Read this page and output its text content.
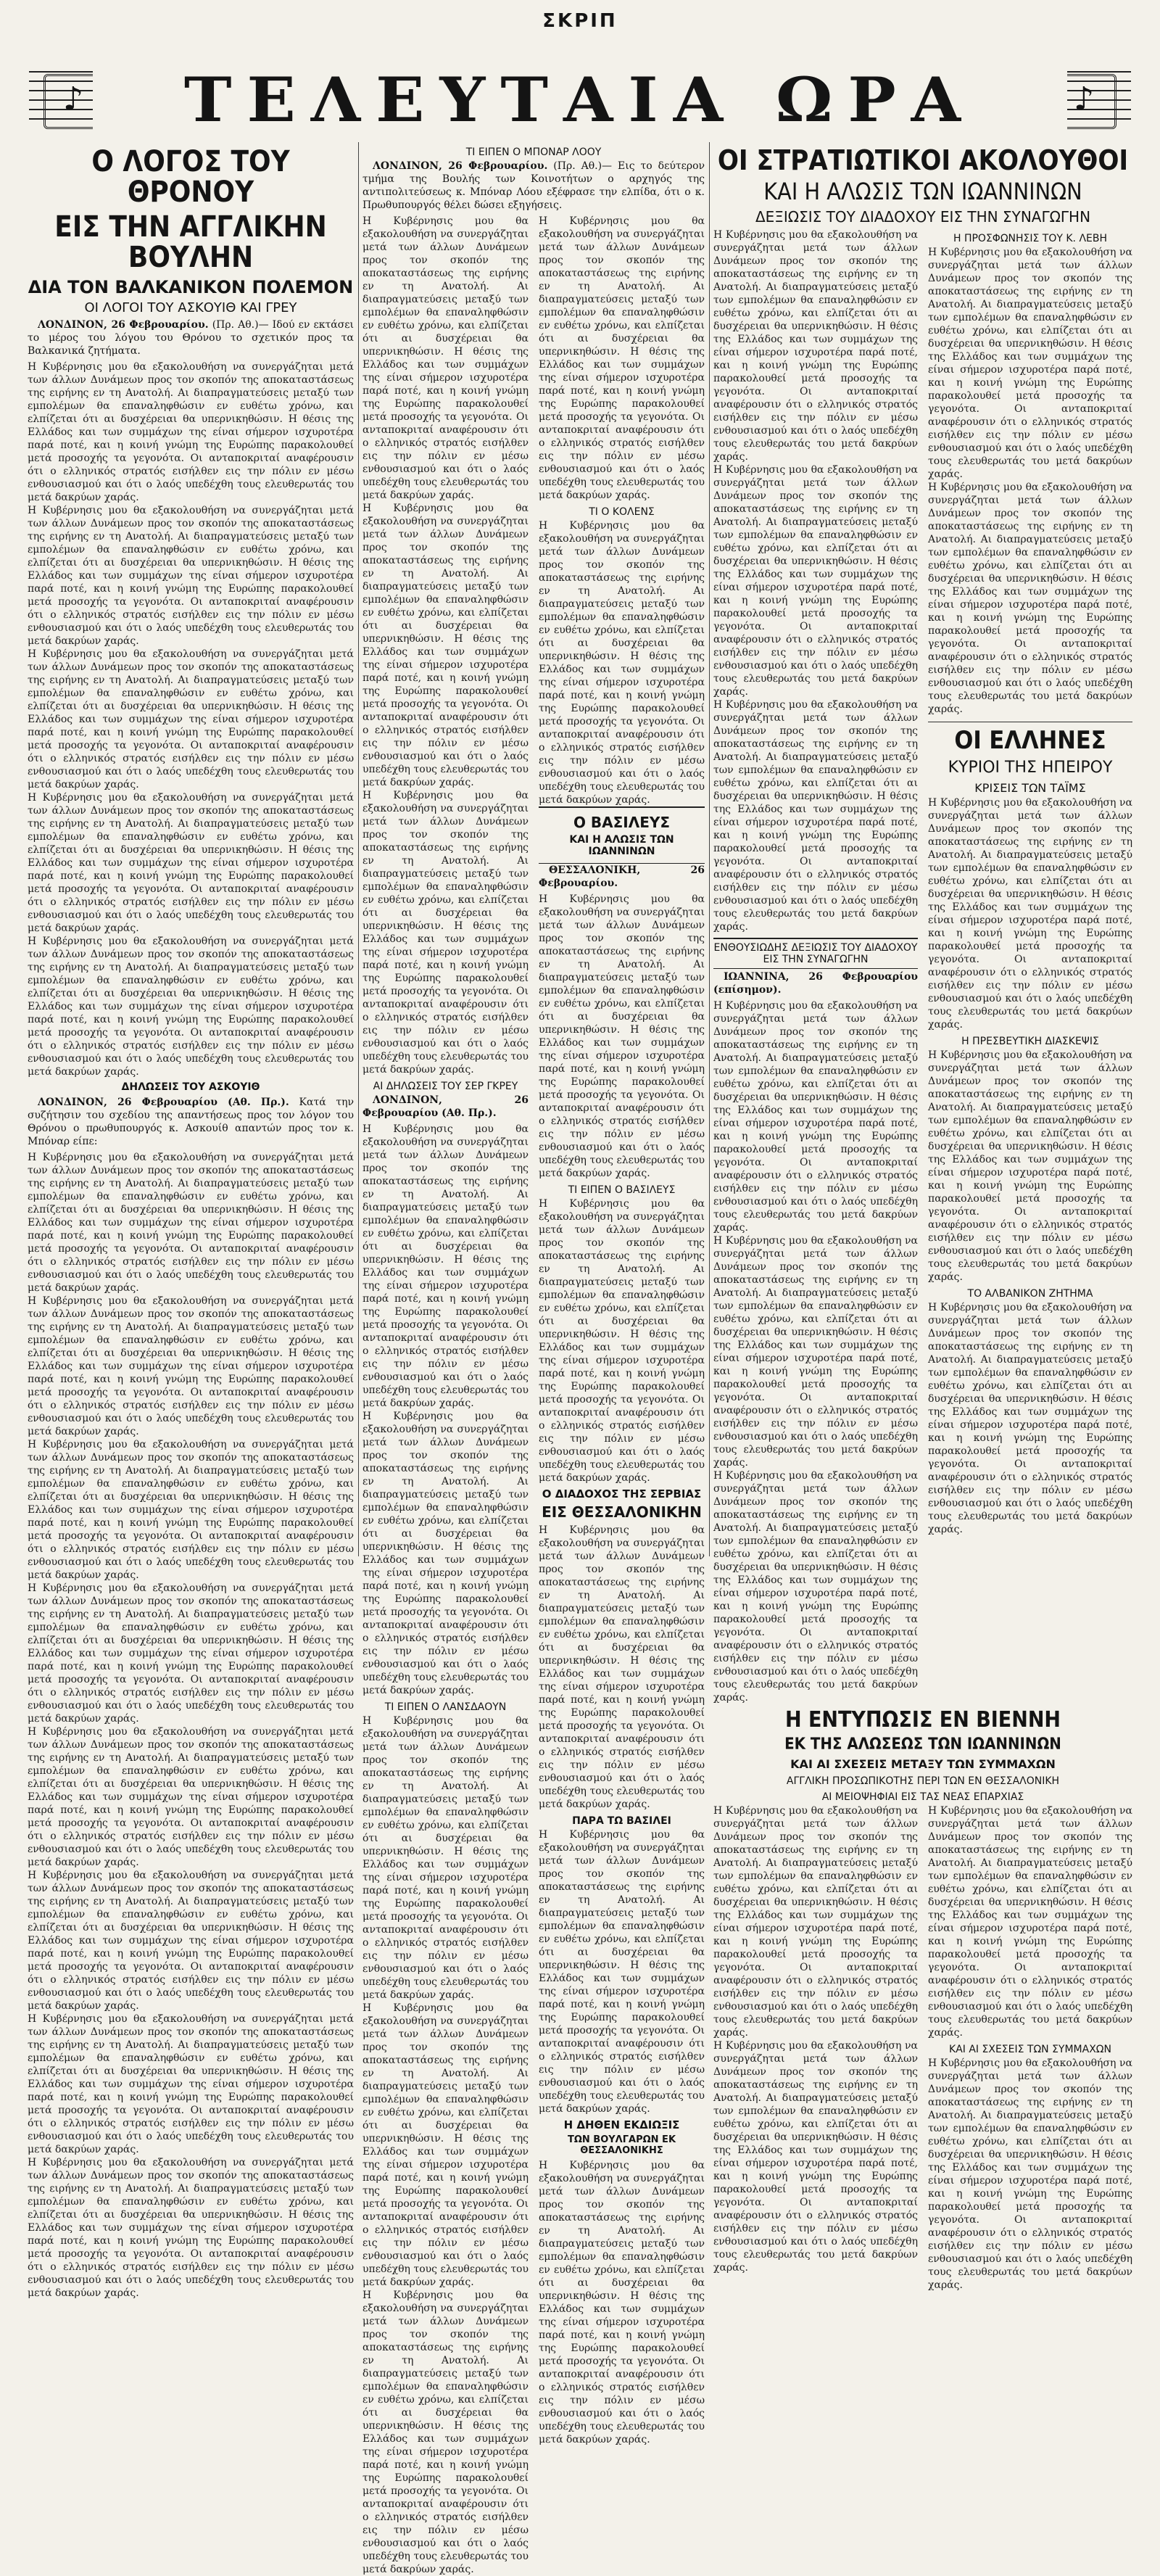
ΣΚΡΙΠ
♪
♪
ΤΕΛΕΥΤΑΙΑ ΩΡΑ
Ο ΛΟΓΟΣ ΤΟΥ ΘΡΟΝΟΥ
ΕΙΣ ΤΗΝ ΑΓΓΛΙΚΗΝ ΒΟΥΛΗΝ
ΔΙΑ ΤΟΝ ΒΑΛΚΑΝΙΚΟΝ ΠΟΛΕΜΟΝ
ΟΙ ΛΟΓΟΙ ΤΟΥ ΑΣΚΟΥΙΘ ΚΑΙ ΓΡΕΥ

ΛΟΝΔΙΝΟΝ, 26 Φεβρουαρίου. (Πρ. Αθ.)— Ιδού εν εκτάσει το μέρος του λόγου του Θρόνου το σχετικόν προς τα Βαλκανικά ζητήματα.

Η Κυβέρνησις μου θα εξακολουθήση να συνεργάζηται μετά των άλλων Δυνάμεων προς τον σκοπόν της αποκαταστάσεως της ειρήνης εν τη Ανατολή. Αι διαπραγματεύσεις μεταξύ των εμπολέμων θα επαναληφθώσιν εν ευθέτω χρόνω, και ελπίζεται ότι αι δυσχέρειαι θα υπερνικηθώσιν. Η θέσις της Ελλάδος και των συμμάχων της είναι σήμερον ισχυροτέρα παρά ποτέ, και η κοινή γνώμη της Ευρώπης παρακολουθεί μετά προσοχής τα γεγονότα. Οι ανταποκριταί αναφέρουσιν ότι ο ελληνικός στρατός εισήλθεν εις την πόλιν εν μέσω ενθουσιασμού και ότι ο λαός υπεδέχθη τους ελευθερωτάς του μετά δακρύων χαράς.

Η Κυβέρνησις μου θα εξακολουθήση να συνεργάζηται μετά των άλλων Δυνάμεων προς τον σκοπόν της αποκαταστάσεως της ειρήνης εν τη Ανατολή. Αι διαπραγματεύσεις μεταξύ των εμπολέμων θα επαναληφθώσιν εν ευθέτω χρόνω, και ελπίζεται ότι αι δυσχέρειαι θα υπερνικηθώσιν. Η θέσις της Ελλάδος και των συμμάχων της είναι σήμερον ισχυροτέρα παρά ποτέ, και η κοινή γνώμη της Ευρώπης παρακολουθεί μετά προσοχής τα γεγονότα. Οι ανταποκριταί αναφέρουσιν ότι ο ελληνικός στρατός εισήλθεν εις την πόλιν εν μέσω ενθουσιασμού και ότι ο λαός υπεδέχθη τους ελευθερωτάς του μετά δακρύων χαράς.

Η Κυβέρνησις μου θα εξακολουθήση να συνεργάζηται μετά των άλλων Δυνάμεων προς τον σκοπόν της αποκαταστάσεως της ειρήνης εν τη Ανατολή. Αι διαπραγματεύσεις μεταξύ των εμπολέμων θα επαναληφθώσιν εν ευθέτω χρόνω, και ελπίζεται ότι αι δυσχέρειαι θα υπερνικηθώσιν. Η θέσις της Ελλάδος και των συμμάχων της είναι σήμερον ισχυροτέρα παρά ποτέ, και η κοινή γνώμη της Ευρώπης παρακολουθεί μετά προσοχής τα γεγονότα. Οι ανταποκριταί αναφέρουσιν ότι ο ελληνικός στρατός εισήλθεν εις την πόλιν εν μέσω ενθουσιασμού και ότι ο λαός υπεδέχθη τους ελευθερωτάς του μετά δακρύων χαράς.

Η Κυβέρνησις μου θα εξακολουθήση να συνεργάζηται μετά των άλλων Δυνάμεων προς τον σκοπόν της αποκαταστάσεως της ειρήνης εν τη Ανατολή. Αι διαπραγματεύσεις μεταξύ των εμπολέμων θα επαναληφθώσιν εν ευθέτω χρόνω, και ελπίζεται ότι αι δυσχέρειαι θα υπερνικηθώσιν. Η θέσις της Ελλάδος και των συμμάχων της είναι σήμερον ισχυροτέρα παρά ποτέ, και η κοινή γνώμη της Ευρώπης παρακολουθεί μετά προσοχής τα γεγονότα. Οι ανταποκριταί αναφέρουσιν ότι ο ελληνικός στρατός εισήλθεν εις την πόλιν εν μέσω ενθουσιασμού και ότι ο λαός υπεδέχθη τους ελευθερωτάς του μετά δακρύων χαράς.

Η Κυβέρνησις μου θα εξακολουθήση να συνεργάζηται μετά των άλλων Δυνάμεων προς τον σκοπόν της αποκαταστάσεως της ειρήνης εν τη Ανατολή. Αι διαπραγματεύσεις μεταξύ των εμπολέμων θα επαναληφθώσιν εν ευθέτω χρόνω, και ελπίζεται ότι αι δυσχέρειαι θα υπερνικηθώσιν. Η θέσις της Ελλάδος και των συμμάχων της είναι σήμερον ισχυροτέρα παρά ποτέ, και η κοινή γνώμη της Ευρώπης παρακολουθεί μετά προσοχής τα γεγονότα. Οι ανταποκριταί αναφέρουσιν ότι ο ελληνικός στρατός εισήλθεν εις την πόλιν εν μέσω ενθουσιασμού και ότι ο λαός υπεδέχθη τους ελευθερωτάς του μετά δακρύων χαράς.

ΔΗΛΩΣΕΙΣ ΤΟΥ ΑΣΚΟΥΙΘ

ΛΟΝΔΙΝΟΝ, 26 Φεβρουαρίου (Αθ. Πρ.). Κατά την συζήτησιν του σχεδίου της απαντήσεως προς τον λόγον του Θρόνου ο πρωθυπουργός κ. Ασκουίθ απαντών προς τον κ. Μπόναρ είπε:

Η Κυβέρνησις μου θα εξακολουθήση να συνεργάζηται μετά των άλλων Δυνάμεων προς τον σκοπόν της αποκαταστάσεως της ειρήνης εν τη Ανατολή. Αι διαπραγματεύσεις μεταξύ των εμπολέμων θα επαναληφθώσιν εν ευθέτω χρόνω, και ελπίζεται ότι αι δυσχέρειαι θα υπερνικηθώσιν. Η θέσις της Ελλάδος και των συμμάχων της είναι σήμερον ισχυροτέρα παρά ποτέ, και η κοινή γνώμη της Ευρώπης παρακολουθεί μετά προσοχής τα γεγονότα. Οι ανταποκριταί αναφέρουσιν ότι ο ελληνικός στρατός εισήλθεν εις την πόλιν εν μέσω ενθουσιασμού και ότι ο λαός υπεδέχθη τους ελευθερωτάς του μετά δακρύων χαράς.

Η Κυβέρνησις μου θα εξακολουθήση να συνεργάζηται μετά των άλλων Δυνάμεων προς τον σκοπόν της αποκαταστάσεως της ειρήνης εν τη Ανατολή. Αι διαπραγματεύσεις μεταξύ των εμπολέμων θα επαναληφθώσιν εν ευθέτω χρόνω, και ελπίζεται ότι αι δυσχέρειαι θα υπερνικηθώσιν. Η θέσις της Ελλάδος και των συμμάχων της είναι σήμερον ισχυροτέρα παρά ποτέ, και η κοινή γνώμη της Ευρώπης παρακολουθεί μετά προσοχής τα γεγονότα. Οι ανταποκριταί αναφέρουσιν ότι ο ελληνικός στρατός εισήλθεν εις την πόλιν εν μέσω ενθουσιασμού και ότι ο λαός υπεδέχθη τους ελευθερωτάς του μετά δακρύων χαράς.

Η Κυβέρνησις μου θα εξακολουθήση να συνεργάζηται μετά των άλλων Δυνάμεων προς τον σκοπόν της αποκαταστάσεως της ειρήνης εν τη Ανατολή. Αι διαπραγματεύσεις μεταξύ των εμπολέμων θα επαναληφθώσιν εν ευθέτω χρόνω, και ελπίζεται ότι αι δυσχέρειαι θα υπερνικηθώσιν. Η θέσις της Ελλάδος και των συμμάχων της είναι σήμερον ισχυροτέρα παρά ποτέ, και η κοινή γνώμη της Ευρώπης παρακολουθεί μετά προσοχής τα γεγονότα. Οι ανταποκριταί αναφέρουσιν ότι ο ελληνικός στρατός εισήλθεν εις την πόλιν εν μέσω ενθουσιασμού και ότι ο λαός υπεδέχθη τους ελευθερωτάς του μετά δακρύων χαράς.

Η Κυβέρνησις μου θα εξακολουθήση να συνεργάζηται μετά των άλλων Δυνάμεων προς τον σκοπόν της αποκαταστάσεως της ειρήνης εν τη Ανατολή. Αι διαπραγματεύσεις μεταξύ των εμπολέμων θα επαναληφθώσιν εν ευθέτω χρόνω, και ελπίζεται ότι αι δυσχέρειαι θα υπερνικηθώσιν. Η θέσις της Ελλάδος και των συμμάχων της είναι σήμερον ισχυροτέρα παρά ποτέ, και η κοινή γνώμη της Ευρώπης παρακολουθεί μετά προσοχής τα γεγονότα. Οι ανταποκριταί αναφέρουσιν ότι ο ελληνικός στρατός εισήλθεν εις την πόλιν εν μέσω ενθουσιασμού και ότι ο λαός υπεδέχθη τους ελευθερωτάς του μετά δακρύων χαράς.

Η Κυβέρνησις μου θα εξακολουθήση να συνεργάζηται μετά των άλλων Δυνάμεων προς τον σκοπόν της αποκαταστάσεως της ειρήνης εν τη Ανατολή. Αι διαπραγματεύσεις μεταξύ των εμπολέμων θα επαναληφθώσιν εν ευθέτω χρόνω, και ελπίζεται ότι αι δυσχέρειαι θα υπερνικηθώσιν. Η θέσις της Ελλάδος και των συμμάχων της είναι σήμερον ισχυροτέρα παρά ποτέ, και η κοινή γνώμη της Ευρώπης παρακολουθεί μετά προσοχής τα γεγονότα. Οι ανταποκριταί αναφέρουσιν ότι ο ελληνικός στρατός εισήλθεν εις την πόλιν εν μέσω ενθουσιασμού και ότι ο λαός υπεδέχθη τους ελευθερωτάς του μετά δακρύων χαράς.

Η Κυβέρνησις μου θα εξακολουθήση να συνεργάζηται μετά των άλλων Δυνάμεων προς τον σκοπόν της αποκαταστάσεως της ειρήνης εν τη Ανατολή. Αι διαπραγματεύσεις μεταξύ των εμπολέμων θα επαναληφθώσιν εν ευθέτω χρόνω, και ελπίζεται ότι αι δυσχέρειαι θα υπερνικηθώσιν. Η θέσις της Ελλάδος και των συμμάχων της είναι σήμερον ισχυροτέρα παρά ποτέ, και η κοινή γνώμη της Ευρώπης παρακολουθεί μετά προσοχής τα γεγονότα. Οι ανταποκριταί αναφέρουσιν ότι ο ελληνικός στρατός εισήλθεν εις την πόλιν εν μέσω ενθουσιασμού και ότι ο λαός υπεδέχθη τους ελευθερωτάς του μετά δακρύων χαράς.

Η Κυβέρνησις μου θα εξακολουθήση να συνεργάζηται μετά των άλλων Δυνάμεων προς τον σκοπόν της αποκαταστάσεως της ειρήνης εν τη Ανατολή. Αι διαπραγματεύσεις μεταξύ των εμπολέμων θα επαναληφθώσιν εν ευθέτω χρόνω, και ελπίζεται ότι αι δυσχέρειαι θα υπερνικηθώσιν. Η θέσις της Ελλάδος και των συμμάχων της είναι σήμερον ισχυροτέρα παρά ποτέ, και η κοινή γνώμη της Ευρώπης παρακολουθεί μετά προσοχής τα γεγονότα. Οι ανταποκριταί αναφέρουσιν ότι ο ελληνικός στρατός εισήλθεν εις την πόλιν εν μέσω ενθουσιασμού και ότι ο λαός υπεδέχθη τους ελευθερωτάς του μετά δακρύων χαράς.

Η Κυβέρνησις μου θα εξακολουθήση να συνεργάζηται μετά των άλλων Δυνάμεων προς τον σκοπόν της αποκαταστάσεως της ειρήνης εν τη Ανατολή. Αι διαπραγματεύσεις μεταξύ των εμπολέμων θα επαναληφθώσιν εν ευθέτω χρόνω, και ελπίζεται ότι αι δυσχέρειαι θα υπερνικηθώσιν. Η θέσις της Ελλάδος και των συμμάχων της είναι σήμερον ισχυροτέρα παρά ποτέ, και η κοινή γνώμη της Ευρώπης παρακολουθεί μετά προσοχής τα γεγονότα. Οι ανταποκριταί αναφέρουσιν ότι ο ελληνικός στρατός εισήλθεν εις την πόλιν εν μέσω ενθουσιασμού και ότι ο λαός υπεδέχθη τους ελευθερωτάς του μετά δακρύων χαράς.

ΤΙ ΕΙΠΕΝ Ο ΜΠΟΝΑΡ ΛΟΟΥ

ΛΟΝΔΙΝΟΝ, 26 Φεβρουαρίου. (Πρ. Αθ.)— Εις το δεύτερον τμήμα της Βουλής των Κοινοτήτων ο αρχηγός της αντιπολιτεύσεως κ. Μπόναρ Λόου εξέφρασε την ελπίδα, ότι ο κ. Πρωθυπουργός θέλει δώσει εξηγήσεις.

Η Κυβέρνησις μου θα εξακολουθήση να συνεργάζηται μετά των άλλων Δυνάμεων προς τον σκοπόν της αποκαταστάσεως της ειρήνης εν τη Ανατολή. Αι διαπραγματεύσεις μεταξύ των εμπολέμων θα επαναληφθώσιν εν ευθέτω χρόνω, και ελπίζεται ότι αι δυσχέρειαι θα υπερνικηθώσιν. Η θέσις της Ελλάδος και των συμμάχων της είναι σήμερον ισχυροτέρα παρά ποτέ, και η κοινή γνώμη της Ευρώπης παρακολουθεί μετά προσοχής τα γεγονότα. Οι ανταποκριταί αναφέρουσιν ότι ο ελληνικός στρατός εισήλθεν εις την πόλιν εν μέσω ενθουσιασμού και ότι ο λαός υπεδέχθη τους ελευθερωτάς του μετά δακρύων χαράς.

Η Κυβέρνησις μου θα εξακολουθήση να συνεργάζηται μετά των άλλων Δυνάμεων προς τον σκοπόν της αποκαταστάσεως της ειρήνης εν τη Ανατολή. Αι διαπραγματεύσεις μεταξύ των εμπολέμων θα επαναληφθώσιν εν ευθέτω χρόνω, και ελπίζεται ότι αι δυσχέρειαι θα υπερνικηθώσιν. Η θέσις της Ελλάδος και των συμμάχων της είναι σήμερον ισχυροτέρα παρά ποτέ, και η κοινή γνώμη της Ευρώπης παρακολουθεί μετά προσοχής τα γεγονότα. Οι ανταποκριταί αναφέρουσιν ότι ο ελληνικός στρατός εισήλθεν εις την πόλιν εν μέσω ενθουσιασμού και ότι ο λαός υπεδέχθη τους ελευθερωτάς του μετά δακρύων χαράς.

Η Κυβέρνησις μου θα εξακολουθήση να συνεργάζηται μετά των άλλων Δυνάμεων προς τον σκοπόν της αποκαταστάσεως της ειρήνης εν τη Ανατολή. Αι διαπραγματεύσεις μεταξύ των εμπολέμων θα επαναληφθώσιν εν ευθέτω χρόνω, και ελπίζεται ότι αι δυσχέρειαι θα υπερνικηθώσιν. Η θέσις της Ελλάδος και των συμμάχων της είναι σήμερον ισχυροτέρα παρά ποτέ, και η κοινή γνώμη της Ευρώπης παρακολουθεί μετά προσοχής τα γεγονότα. Οι ανταποκριταί αναφέρουσιν ότι ο ελληνικός στρατός εισήλθεν εις την πόλιν εν μέσω ενθουσιασμού και ότι ο λαός υπεδέχθη τους ελευθερωτάς του μετά δακρύων χαράς.

ΑΙ ΔΗΛΩΣΕΙΣ ΤΟΥ ΣΕΡ ΓΚΡΕΥ

ΛΟΝΔΙΝΟΝ, 26 Φεβρουαρίου (Αθ. Πρ.).

Η Κυβέρνησις μου θα εξακολουθήση να συνεργάζηται μετά των άλλων Δυνάμεων προς τον σκοπόν της αποκαταστάσεως της ειρήνης εν τη Ανατολή. Αι διαπραγματεύσεις μεταξύ των εμπολέμων θα επαναληφθώσιν εν ευθέτω χρόνω, και ελπίζεται ότι αι δυσχέρειαι θα υπερνικηθώσιν. Η θέσις της Ελλάδος και των συμμάχων της είναι σήμερον ισχυροτέρα παρά ποτέ, και η κοινή γνώμη της Ευρώπης παρακολουθεί μετά προσοχής τα γεγονότα. Οι ανταποκριταί αναφέρουσιν ότι ο ελληνικός στρατός εισήλθεν εις την πόλιν εν μέσω ενθουσιασμού και ότι ο λαός υπεδέχθη τους ελευθερωτάς του μετά δακρύων χαράς.

Η Κυβέρνησις μου θα εξακολουθήση να συνεργάζηται μετά των άλλων Δυνάμεων προς τον σκοπόν της αποκαταστάσεως της ειρήνης εν τη Ανατολή. Αι διαπραγματεύσεις μεταξύ των εμπολέμων θα επαναληφθώσιν εν ευθέτω χρόνω, και ελπίζεται ότι αι δυσχέρειαι θα υπερνικηθώσιν. Η θέσις της Ελλάδος και των συμμάχων της είναι σήμερον ισχυροτέρα παρά ποτέ, και η κοινή γνώμη της Ευρώπης παρακολουθεί μετά προσοχής τα γεγονότα. Οι ανταποκριταί αναφέρουσιν ότι ο ελληνικός στρατός εισήλθεν εις την πόλιν εν μέσω ενθουσιασμού και ότι ο λαός υπεδέχθη τους ελευθερωτάς του μετά δακρύων χαράς.

ΤΙ ΕΙΠΕΝ Ο ΛΑΝΣΔΑΟΥΝ

Η Κυβέρνησις μου θα εξακολουθήση να συνεργάζηται μετά των άλλων Δυνάμεων προς τον σκοπόν της αποκαταστάσεως της ειρήνης εν τη Ανατολή. Αι διαπραγματεύσεις μεταξύ των εμπολέμων θα επαναληφθώσιν εν ευθέτω χρόνω, και ελπίζεται ότι αι δυσχέρειαι θα υπερνικηθώσιν. Η θέσις της Ελλάδος και των συμμάχων της είναι σήμερον ισχυροτέρα παρά ποτέ, και η κοινή γνώμη της Ευρώπης παρακολουθεί μετά προσοχής τα γεγονότα. Οι ανταποκριταί αναφέρουσιν ότι ο ελληνικός στρατός εισήλθεν εις την πόλιν εν μέσω ενθουσιασμού και ότι ο λαός υπεδέχθη τους ελευθερωτάς του μετά δακρύων χαράς.

Η Κυβέρνησις μου θα εξακολουθήση να συνεργάζηται μετά των άλλων Δυνάμεων προς τον σκοπόν της αποκαταστάσεως της ειρήνης εν τη Ανατολή. Αι διαπραγματεύσεις μεταξύ των εμπολέμων θα επαναληφθώσιν εν ευθέτω χρόνω, και ελπίζεται ότι αι δυσχέρειαι θα υπερνικηθώσιν. Η θέσις της Ελλάδος και των συμμάχων της είναι σήμερον ισχυροτέρα παρά ποτέ, και η κοινή γνώμη της Ευρώπης παρακολουθεί μετά προσοχής τα γεγονότα. Οι ανταποκριταί αναφέρουσιν ότι ο ελληνικός στρατός εισήλθεν εις την πόλιν εν μέσω ενθουσιασμού και ότι ο λαός υπεδέχθη τους ελευθερωτάς του μετά δακρύων χαράς.

Η Κυβέρνησις μου θα εξακολουθήση να συνεργάζηται μετά των άλλων Δυνάμεων προς τον σκοπόν της αποκαταστάσεως της ειρήνης εν τη Ανατολή. Αι διαπραγματεύσεις μεταξύ των εμπολέμων θα επαναληφθώσιν εν ευθέτω χρόνω, και ελπίζεται ότι αι δυσχέρειαι θα υπερνικηθώσιν. Η θέσις της Ελλάδος και των συμμάχων της είναι σήμερον ισχυροτέρα παρά ποτέ, και η κοινή γνώμη της Ευρώπης παρακολουθεί μετά προσοχής τα γεγονότα. Οι ανταποκριταί αναφέρουσιν ότι ο ελληνικός στρατός εισήλθεν εις την πόλιν εν μέσω ενθουσιασμού και ότι ο λαός υπεδέχθη τους ελευθερωτάς του μετά δακρύων χαράς.

Η Κυβέρνησις μου θα εξακολουθήση να συνεργάζηται μετά των άλλων Δυνάμεων προς τον σκοπόν της αποκαταστάσεως της ειρήνης εν τη Ανατολή. Αι διαπραγματεύσεις μεταξύ των εμπολέμων θα επαναληφθώσιν εν ευθέτω χρόνω, και ελπίζεται ότι αι δυσχέρειαι θα υπερνικηθώσιν. Η θέσις της Ελλάδος και των συμμάχων της είναι σήμερον ισχυροτέρα παρά ποτέ, και η κοινή γνώμη της Ευρώπης παρακολουθεί μετά προσοχής τα γεγονότα. Οι ανταποκριταί αναφέρουσιν ότι ο ελληνικός στρατός εισήλθεν εις την πόλιν εν μέσω ενθουσιασμού και ότι ο λαός υπεδέχθη τους ελευθερωτάς του μετά δακρύων χαράς.

ΤΙ Ο ΚΟΛΕΝΣ

Η Κυβέρνησις μου θα εξακολουθήση να συνεργάζηται μετά των άλλων Δυνάμεων προς τον σκοπόν της αποκαταστάσεως της ειρήνης εν τη Ανατολή. Αι διαπραγματεύσεις μεταξύ των εμπολέμων θα επαναληφθώσιν εν ευθέτω χρόνω, και ελπίζεται ότι αι δυσχέρειαι θα υπερνικηθώσιν. Η θέσις της Ελλάδος και των συμμάχων της είναι σήμερον ισχυροτέρα παρά ποτέ, και η κοινή γνώμη της Ευρώπης παρακολουθεί μετά προσοχής τα γεγονότα. Οι ανταποκριταί αναφέρουσιν ότι ο ελληνικός στρατός εισήλθεν εις την πόλιν εν μέσω ενθουσιασμού και ότι ο λαός υπεδέχθη τους ελευθερωτάς του μετά δακρύων χαράς.

Ο ΒΑΣΙΛΕΥΣ
ΚΑΙ Η ΑΛΩΣΙΣ ΤΩΝ ΙΩΑΝΝΙΝΩΝ

ΘΕΣΣΑΛΟΝΙΚΗ, 26 Φεβρουαρίου.

Η Κυβέρνησις μου θα εξακολουθήση να συνεργάζηται μετά των άλλων Δυνάμεων προς τον σκοπόν της αποκαταστάσεως της ειρήνης εν τη Ανατολή. Αι διαπραγματεύσεις μεταξύ των εμπολέμων θα επαναληφθώσιν εν ευθέτω χρόνω, και ελπίζεται ότι αι δυσχέρειαι θα υπερνικηθώσιν. Η θέσις της Ελλάδος και των συμμάχων της είναι σήμερον ισχυροτέρα παρά ποτέ, και η κοινή γνώμη της Ευρώπης παρακολουθεί μετά προσοχής τα γεγονότα. Οι ανταποκριταί αναφέρουσιν ότι ο ελληνικός στρατός εισήλθεν εις την πόλιν εν μέσω ενθουσιασμού και ότι ο λαός υπεδέχθη τους ελευθερωτάς του μετά δακρύων χαράς.

ΤΙ ΕΙΠΕΝ Ο ΒΑΣΙΛΕΥΣ

Η Κυβέρνησις μου θα εξακολουθήση να συνεργάζηται μετά των άλλων Δυνάμεων προς τον σκοπόν της αποκαταστάσεως της ειρήνης εν τη Ανατολή. Αι διαπραγματεύσεις μεταξύ των εμπολέμων θα επαναληφθώσιν εν ευθέτω χρόνω, και ελπίζεται ότι αι δυσχέρειαι θα υπερνικηθώσιν. Η θέσις της Ελλάδος και των συμμάχων της είναι σήμερον ισχυροτέρα παρά ποτέ, και η κοινή γνώμη της Ευρώπης παρακολουθεί μετά προσοχής τα γεγονότα. Οι ανταποκριταί αναφέρουσιν ότι ο ελληνικός στρατός εισήλθεν εις την πόλιν εν μέσω ενθουσιασμού και ότι ο λαός υπεδέχθη τους ελευθερωτάς του μετά δακρύων χαράς.

Ο ΔΙΑΔΟΧΟΣ ΤΗΣ ΣΕΡΒΙΑΣ
ΕΙΣ ΘΕΣΣΑΛΟΝΙΚΗΝ

Η Κυβέρνησις μου θα εξακολουθήση να συνεργάζηται μετά των άλλων Δυνάμεων προς τον σκοπόν της αποκαταστάσεως της ειρήνης εν τη Ανατολή. Αι διαπραγματεύσεις μεταξύ των εμπολέμων θα επαναληφθώσιν εν ευθέτω χρόνω, και ελπίζεται ότι αι δυσχέρειαι θα υπερνικηθώσιν. Η θέσις της Ελλάδος και των συμμάχων της είναι σήμερον ισχυροτέρα παρά ποτέ, και η κοινή γνώμη της Ευρώπης παρακολουθεί μετά προσοχής τα γεγονότα. Οι ανταποκριταί αναφέρουσιν ότι ο ελληνικός στρατός εισήλθεν εις την πόλιν εν μέσω ενθουσιασμού και ότι ο λαός υπεδέχθη τους ελευθερωτάς του μετά δακρύων χαράς.

ΠΑΡΑ ΤΩ ΒΑΣΙΛΕΙ

Η Κυβέρνησις μου θα εξακολουθήση να συνεργάζηται μετά των άλλων Δυνάμεων προς τον σκοπόν της αποκαταστάσεως της ειρήνης εν τη Ανατολή. Αι διαπραγματεύσεις μεταξύ των εμπολέμων θα επαναληφθώσιν εν ευθέτω χρόνω, και ελπίζεται ότι αι δυσχέρειαι θα υπερνικηθώσιν. Η θέσις της Ελλάδος και των συμμάχων της είναι σήμερον ισχυροτέρα παρά ποτέ, και η κοινή γνώμη της Ευρώπης παρακολουθεί μετά προσοχής τα γεγονότα. Οι ανταποκριταί αναφέρουσιν ότι ο ελληνικός στρατός εισήλθεν εις την πόλιν εν μέσω ενθουσιασμού και ότι ο λαός υπεδέχθη τους ελευθερωτάς του μετά δακρύων χαράς.

Η ΔΗΘΕΝ ΕΚΔΙΩΞΙΣ
ΤΩΝ ΒΟΥΛΓΑΡΩΝ ΕΚ ΘΕΣΣΑΛΟΝΙΚΗΣ

Η Κυβέρνησις μου θα εξακολουθήση να συνεργάζηται μετά των άλλων Δυνάμεων προς τον σκοπόν της αποκαταστάσεως της ειρήνης εν τη Ανατολή. Αι διαπραγματεύσεις μεταξύ των εμπολέμων θα επαναληφθώσιν εν ευθέτω χρόνω, και ελπίζεται ότι αι δυσχέρειαι θα υπερνικηθώσιν. Η θέσις της Ελλάδος και των συμμάχων της είναι σήμερον ισχυροτέρα παρά ποτέ, και η κοινή γνώμη της Ευρώπης παρακολουθεί μετά προσοχής τα γεγονότα. Οι ανταποκριταί αναφέρουσιν ότι ο ελληνικός στρατός εισήλθεν εις την πόλιν εν μέσω ενθουσιασμού και ότι ο λαός υπεδέχθη τους ελευθερωτάς του μετά δακρύων χαράς.

ΟΙ ΣΤΡΑΤΙΩΤΙΚΟΙ ΑΚΟΛΟΥΘΟΙ
ΚΑΙ Η ΑΛΩΣΙΣ ΤΩΝ ΙΩΑΝΝΙΝΩΝ
ΔΕΞΙΩΣΙΣ ΤΟΥ ΔΙΑΔΟΧΟΥ ΕΙΣ ΤΗΝ ΣΥΝΑΓΩΓΗΝ

Η Κυβέρνησις μου θα εξακολουθήση να συνεργάζηται μετά των άλλων Δυνάμεων προς τον σκοπόν της αποκαταστάσεως της ειρήνης εν τη Ανατολή. Αι διαπραγματεύσεις μεταξύ των εμπολέμων θα επαναληφθώσιν εν ευθέτω χρόνω, και ελπίζεται ότι αι δυσχέρειαι θα υπερνικηθώσιν. Η θέσις της Ελλάδος και των συμμάχων της είναι σήμερον ισχυροτέρα παρά ποτέ, και η κοινή γνώμη της Ευρώπης παρακολουθεί μετά προσοχής τα γεγονότα. Οι ανταποκριταί αναφέρουσιν ότι ο ελληνικός στρατός εισήλθεν εις την πόλιν εν μέσω ενθουσιασμού και ότι ο λαός υπεδέχθη τους ελευθερωτάς του μετά δακρύων χαράς.

Η Κυβέρνησις μου θα εξακολουθήση να συνεργάζηται μετά των άλλων Δυνάμεων προς τον σκοπόν της αποκαταστάσεως της ειρήνης εν τη Ανατολή. Αι διαπραγματεύσεις μεταξύ των εμπολέμων θα επαναληφθώσιν εν ευθέτω χρόνω, και ελπίζεται ότι αι δυσχέρειαι θα υπερνικηθώσιν. Η θέσις της Ελλάδος και των συμμάχων της είναι σήμερον ισχυροτέρα παρά ποτέ, και η κοινή γνώμη της Ευρώπης παρακολουθεί μετά προσοχής τα γεγονότα. Οι ανταποκριταί αναφέρουσιν ότι ο ελληνικός στρατός εισήλθεν εις την πόλιν εν μέσω ενθουσιασμού και ότι ο λαός υπεδέχθη τους ελευθερωτάς του μετά δακρύων χαράς.

Η Κυβέρνησις μου θα εξακολουθήση να συνεργάζηται μετά των άλλων Δυνάμεων προς τον σκοπόν της αποκαταστάσεως της ειρήνης εν τη Ανατολή. Αι διαπραγματεύσεις μεταξύ των εμπολέμων θα επαναληφθώσιν εν ευθέτω χρόνω, και ελπίζεται ότι αι δυσχέρειαι θα υπερνικηθώσιν. Η θέσις της Ελλάδος και των συμμάχων της είναι σήμερον ισχυροτέρα παρά ποτέ, και η κοινή γνώμη της Ευρώπης παρακολουθεί μετά προσοχής τα γεγονότα. Οι ανταποκριταί αναφέρουσιν ότι ο ελληνικός στρατός εισήλθεν εις την πόλιν εν μέσω ενθουσιασμού και ότι ο λαός υπεδέχθη τους ελευθερωτάς του μετά δακρύων χαράς.

ΕΝΘΟΥΣΙΩΔΗΣ ΔΕΞΙΩΣΙΣ ΤΟΥ ΔΙΑΔΟΧΟΥ ΕΙΣ ΤΗΝ ΣΥΝΑΓΩΓΗΝ

ΙΩΑΝΝΙΝΑ, 26 Φεβρουαρίου (επίσημον).

Η Κυβέρνησις μου θα εξακολουθήση να συνεργάζηται μετά των άλλων Δυνάμεων προς τον σκοπόν της αποκαταστάσεως της ειρήνης εν τη Ανατολή. Αι διαπραγματεύσεις μεταξύ των εμπολέμων θα επαναληφθώσιν εν ευθέτω χρόνω, και ελπίζεται ότι αι δυσχέρειαι θα υπερνικηθώσιν. Η θέσις της Ελλάδος και των συμμάχων της είναι σήμερον ισχυροτέρα παρά ποτέ, και η κοινή γνώμη της Ευρώπης παρακολουθεί μετά προσοχής τα γεγονότα. Οι ανταποκριταί αναφέρουσιν ότι ο ελληνικός στρατός εισήλθεν εις την πόλιν εν μέσω ενθουσιασμού και ότι ο λαός υπεδέχθη τους ελευθερωτάς του μετά δακρύων χαράς.

Η Κυβέρνησις μου θα εξακολουθήση να συνεργάζηται μετά των άλλων Δυνάμεων προς τον σκοπόν της αποκαταστάσεως της ειρήνης εν τη Ανατολή. Αι διαπραγματεύσεις μεταξύ των εμπολέμων θα επαναληφθώσιν εν ευθέτω χρόνω, και ελπίζεται ότι αι δυσχέρειαι θα υπερνικηθώσιν. Η θέσις της Ελλάδος και των συμμάχων της είναι σήμερον ισχυροτέρα παρά ποτέ, και η κοινή γνώμη της Ευρώπης παρακολουθεί μετά προσοχής τα γεγονότα. Οι ανταποκριταί αναφέρουσιν ότι ο ελληνικός στρατός εισήλθεν εις την πόλιν εν μέσω ενθουσιασμού και ότι ο λαός υπεδέχθη τους ελευθερωτάς του μετά δακρύων χαράς.

Η Κυβέρνησις μου θα εξακολουθήση να συνεργάζηται μετά των άλλων Δυνάμεων προς τον σκοπόν της αποκαταστάσεως της ειρήνης εν τη Ανατολή. Αι διαπραγματεύσεις μεταξύ των εμπολέμων θα επαναληφθώσιν εν ευθέτω χρόνω, και ελπίζεται ότι αι δυσχέρειαι θα υπερνικηθώσιν. Η θέσις της Ελλάδος και των συμμάχων της είναι σήμερον ισχυροτέρα παρά ποτέ, και η κοινή γνώμη της Ευρώπης παρακολουθεί μετά προσοχής τα γεγονότα. Οι ανταποκριταί αναφέρουσιν ότι ο ελληνικός στρατός εισήλθεν εις την πόλιν εν μέσω ενθουσιασμού και ότι ο λαός υπεδέχθη τους ελευθερωτάς του μετά δακρύων χαράς.

Η ΠΡΟΣΦΩΝΗΣΙΣ ΤΟΥ Κ. ΛΕΒΗ

Η Κυβέρνησις μου θα εξακολουθήση να συνεργάζηται μετά των άλλων Δυνάμεων προς τον σκοπόν της αποκαταστάσεως της ειρήνης εν τη Ανατολή. Αι διαπραγματεύσεις μεταξύ των εμπολέμων θα επαναληφθώσιν εν ευθέτω χρόνω, και ελπίζεται ότι αι δυσχέρειαι θα υπερνικηθώσιν. Η θέσις της Ελλάδος και των συμμάχων της είναι σήμερον ισχυροτέρα παρά ποτέ, και η κοινή γνώμη της Ευρώπης παρακολουθεί μετά προσοχής τα γεγονότα. Οι ανταποκριταί αναφέρουσιν ότι ο ελληνικός στρατός εισήλθεν εις την πόλιν εν μέσω ενθουσιασμού και ότι ο λαός υπεδέχθη τους ελευθερωτάς του μετά δακρύων χαράς.

Η Κυβέρνησις μου θα εξακολουθήση να συνεργάζηται μετά των άλλων Δυνάμεων προς τον σκοπόν της αποκαταστάσεως της ειρήνης εν τη Ανατολή. Αι διαπραγματεύσεις μεταξύ των εμπολέμων θα επαναληφθώσιν εν ευθέτω χρόνω, και ελπίζεται ότι αι δυσχέρειαι θα υπερνικηθώσιν. Η θέσις της Ελλάδος και των συμμάχων της είναι σήμερον ισχυροτέρα παρά ποτέ, και η κοινή γνώμη της Ευρώπης παρακολουθεί μετά προσοχής τα γεγονότα. Οι ανταποκριταί αναφέρουσιν ότι ο ελληνικός στρατός εισήλθεν εις την πόλιν εν μέσω ενθουσιασμού και ότι ο λαός υπεδέχθη τους ελευθερωτάς του μετά δακρύων χαράς.

ΟΙ ΕΛΛΗΝΕΣ
ΚΥΡΙΟΙ ΤΗΣ ΗΠΕΙΡΟΥ
ΚΡΙΣΕΙΣ ΤΩΝ ΤΑΪΜΣ

Η Κυβέρνησις μου θα εξακολουθήση να συνεργάζηται μετά των άλλων Δυνάμεων προς τον σκοπόν της αποκαταστάσεως της ειρήνης εν τη Ανατολή. Αι διαπραγματεύσεις μεταξύ των εμπολέμων θα επαναληφθώσιν εν ευθέτω χρόνω, και ελπίζεται ότι αι δυσχέρειαι θα υπερνικηθώσιν. Η θέσις της Ελλάδος και των συμμάχων της είναι σήμερον ισχυροτέρα παρά ποτέ, και η κοινή γνώμη της Ευρώπης παρακολουθεί μετά προσοχής τα γεγονότα. Οι ανταποκριταί αναφέρουσιν ότι ο ελληνικός στρατός εισήλθεν εις την πόλιν εν μέσω ενθουσιασμού και ότι ο λαός υπεδέχθη τους ελευθερωτάς του μετά δακρύων χαράς.

Η ΠΡΕΣΒΕΥΤΙΚΗ ΔΙΑΣΚΕΨΙΣ

Η Κυβέρνησις μου θα εξακολουθήση να συνεργάζηται μετά των άλλων Δυνάμεων προς τον σκοπόν της αποκαταστάσεως της ειρήνης εν τη Ανατολή. Αι διαπραγματεύσεις μεταξύ των εμπολέμων θα επαναληφθώσιν εν ευθέτω χρόνω, και ελπίζεται ότι αι δυσχέρειαι θα υπερνικηθώσιν. Η θέσις της Ελλάδος και των συμμάχων της είναι σήμερον ισχυροτέρα παρά ποτέ, και η κοινή γνώμη της Ευρώπης παρακολουθεί μετά προσοχής τα γεγονότα. Οι ανταποκριταί αναφέρουσιν ότι ο ελληνικός στρατός εισήλθεν εις την πόλιν εν μέσω ενθουσιασμού και ότι ο λαός υπεδέχθη τους ελευθερωτάς του μετά δακρύων χαράς.

ΤΟ ΑΛΒΑΝΙΚΟΝ ΖΗΤΗΜΑ

Η Κυβέρνησις μου θα εξακολουθήση να συνεργάζηται μετά των άλλων Δυνάμεων προς τον σκοπόν της αποκαταστάσεως της ειρήνης εν τη Ανατολή. Αι διαπραγματεύσεις μεταξύ των εμπολέμων θα επαναληφθώσιν εν ευθέτω χρόνω, και ελπίζεται ότι αι δυσχέρειαι θα υπερνικηθώσιν. Η θέσις της Ελλάδος και των συμμάχων της είναι σήμερον ισχυροτέρα παρά ποτέ, και η κοινή γνώμη της Ευρώπης παρακολουθεί μετά προσοχής τα γεγονότα. Οι ανταποκριταί αναφέρουσιν ότι ο ελληνικός στρατός εισήλθεν εις την πόλιν εν μέσω ενθουσιασμού και ότι ο λαός υπεδέχθη τους ελευθερωτάς του μετά δακρύων χαράς.

Η ΕΝΤΥΠΩΣΙΣ ΕΝ ΒΙΕΝΝΗ
ΕΚ ΤΗΣ ΑΛΩΣΕΩΣ ΤΩΝ ΙΩΑΝΝΙΝΩΝ
ΚΑΙ ΑΙ ΣΧΕΣΕΙΣ ΜΕΤΑΞΥ ΤΩΝ ΣΥΜΜΑΧΩΝ
ΑΓΓΛΙΚΗ ΠΡΟΣΩΠΙΚΟΤΗΣ ΠΕΡΙ ΤΩΝ ΕΝ ΘΕΣΣΑΛΟΝΙΚΗ
ΑΙ ΜΕΙΟΨΗΦΙΑΙ ΕΙΣ ΤΑΣ ΝΕΑΣ ΕΠΑΡΧΙΑΣ

Η Κυβέρνησις μου θα εξακολουθήση να συνεργάζηται μετά των άλλων Δυνάμεων προς τον σκοπόν της αποκαταστάσεως της ειρήνης εν τη Ανατολή. Αι διαπραγματεύσεις μεταξύ των εμπολέμων θα επαναληφθώσιν εν ευθέτω χρόνω, και ελπίζεται ότι αι δυσχέρειαι θα υπερνικηθώσιν. Η θέσις της Ελλάδος και των συμμάχων της είναι σήμερον ισχυροτέρα παρά ποτέ, και η κοινή γνώμη της Ευρώπης παρακολουθεί μετά προσοχής τα γεγονότα. Οι ανταποκριταί αναφέρουσιν ότι ο ελληνικός στρατός εισήλθεν εις την πόλιν εν μέσω ενθουσιασμού και ότι ο λαός υπεδέχθη τους ελευθερωτάς του μετά δακρύων χαράς.

Η Κυβέρνησις μου θα εξακολουθήση να συνεργάζηται μετά των άλλων Δυνάμεων προς τον σκοπόν της αποκαταστάσεως της ειρήνης εν τη Ανατολή. Αι διαπραγματεύσεις μεταξύ των εμπολέμων θα επαναληφθώσιν εν ευθέτω χρόνω, και ελπίζεται ότι αι δυσχέρειαι θα υπερνικηθώσιν. Η θέσις της Ελλάδος και των συμμάχων της είναι σήμερον ισχυροτέρα παρά ποτέ, και η κοινή γνώμη της Ευρώπης παρακολουθεί μετά προσοχής τα γεγονότα. Οι ανταποκριταί αναφέρουσιν ότι ο ελληνικός στρατός εισήλθεν εις την πόλιν εν μέσω ενθουσιασμού και ότι ο λαός υπεδέχθη τους ελευθερωτάς του μετά δακρύων χαράς.

Η Κυβέρνησις μου θα εξακολουθήση να συνεργάζηται μετά των άλλων Δυνάμεων προς τον σκοπόν της αποκαταστάσεως της ειρήνης εν τη Ανατολή. Αι διαπραγματεύσεις μεταξύ των εμπολέμων θα επαναληφθώσιν εν ευθέτω χρόνω, και ελπίζεται ότι αι δυσχέρειαι θα υπερνικηθώσιν. Η θέσις της Ελλάδος και των συμμάχων της είναι σήμερον ισχυροτέρα παρά ποτέ, και η κοινή γνώμη της Ευρώπης παρακολουθεί μετά προσοχής τα γεγονότα. Οι ανταποκριταί αναφέρουσιν ότι ο ελληνικός στρατός εισήλθεν εις την πόλιν εν μέσω ενθουσιασμού και ότι ο λαός υπεδέχθη τους ελευθερωτάς του μετά δακρύων χαράς.

ΚΑΙ ΑΙ ΣΧΕΣΕΙΣ ΤΩΝ ΣΥΜΜΑΧΩΝ

Η Κυβέρνησις μου θα εξακολουθήση να συνεργάζηται μετά των άλλων Δυνάμεων προς τον σκοπόν της αποκαταστάσεως της ειρήνης εν τη Ανατολή. Αι διαπραγματεύσεις μεταξύ των εμπολέμων θα επαναληφθώσιν εν ευθέτω χρόνω, και ελπίζεται ότι αι δυσχέρειαι θα υπερνικηθώσιν. Η θέσις της Ελλάδος και των συμμάχων της είναι σήμερον ισχυροτέρα παρά ποτέ, και η κοινή γνώμη της Ευρώπης παρακολουθεί μετά προσοχής τα γεγονότα. Οι ανταποκριταί αναφέρουσιν ότι ο ελληνικός στρατός εισήλθεν εις την πόλιν εν μέσω ενθουσιασμού και ότι ο λαός υπεδέχθη τους ελευθερωτάς του μετά δακρύων χαράς.
